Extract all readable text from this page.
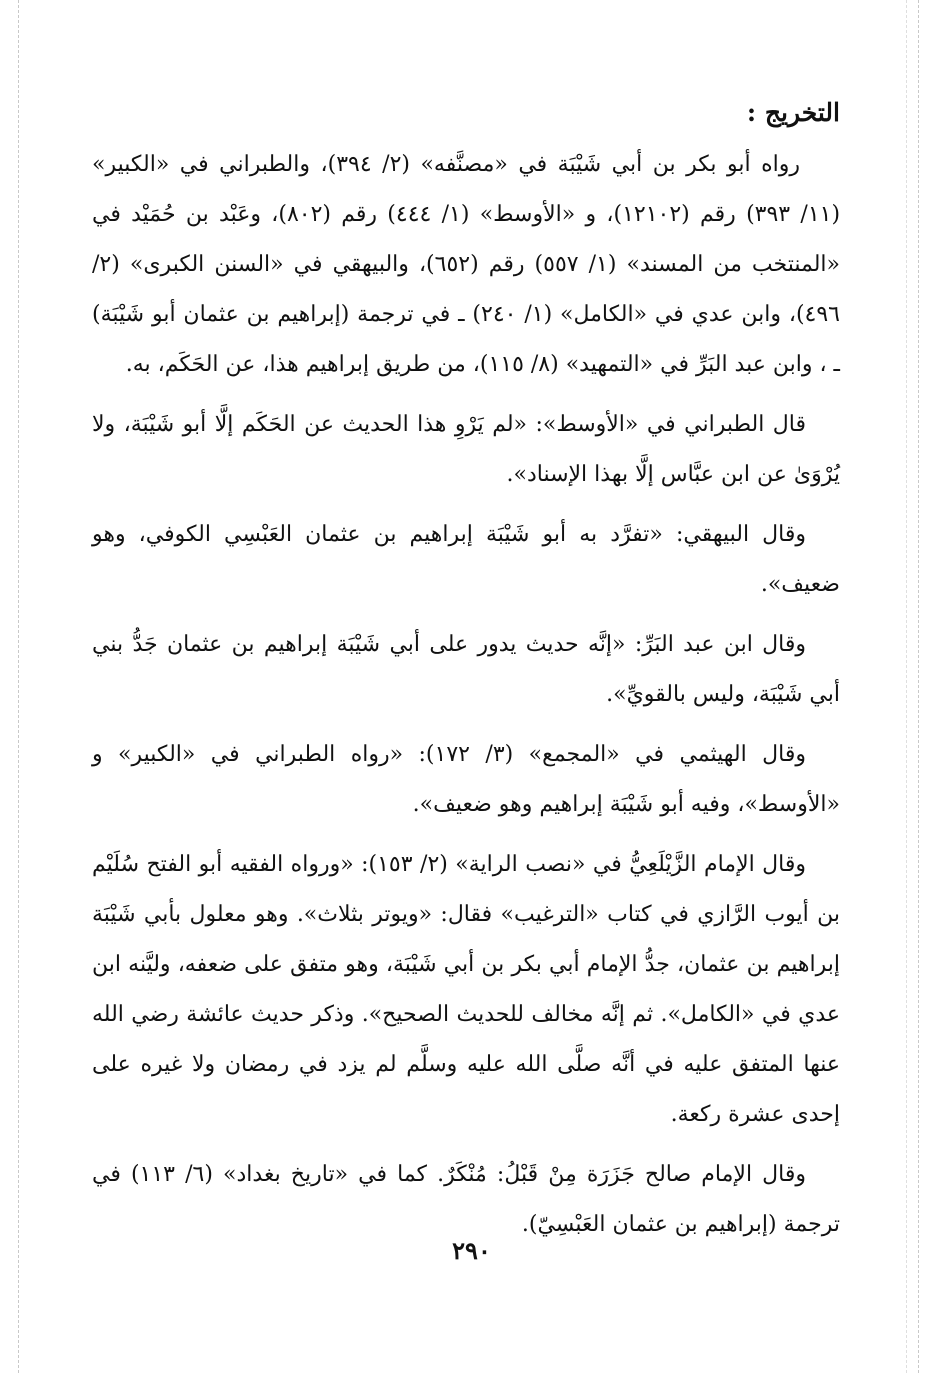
التخريج :

رواه أبو بكر بن أبي شَيْبَة في «مصنَّفه» (٢/ ٣٩٤)، والطبراني في «الكبير» (١١/ ٣٩٣) رقم (١٢١٠٢)، و «الأوسط» (١/ ٤٤٤) رقم (٨٠٢)، وعَبْد بن حُمَيْد في «المنتخب من المسند» (١/ ٥٥٧) رقم (٦٥٢)، والبيهقي في «السنن الكبرى» (٢/ ٤٩٦)، وابن عدي في «الكامل» (١/ ٢٤٠) ـ في ترجمة (إبراهيم بن عثمان أبو شَيْبَة) ـ ، وابن عبد البَرِّ في «التمهيد» (٨/ ١١٥)، من طريق إبراهيم هذا، عن الحَكَم، به.

قال الطبراني في «الأوسط»: «لم يَرْوِ هذا الحديث عن الحَكَم إلَّا أبو شَيْبَة، ولا يُرْوَىٰ عن ابن عبَّاس إلَّا بهذا الإسناد».

وقال البيهقي: «تفرَّد به أبو شَيْبَة إبراهيم بن عثمان العَبْسِي الكوفي، وهو ضعيف».

وقال ابن عبد البَرِّ: «إنَّه حديث يدور على أبي شَيْبَة إبراهيم بن عثمان جَدُّ بني أبي شَيْبَة، وليس بالقويِّ».

وقال الهيثمي في «المجمع» (٣/ ١٧٢): «رواه الطبراني في «الكبير» و «الأوسط»، وفيه أبو شَيْبَة إبراهيم وهو ضعيف».

وقال الإمام الزَّيْلَعِيُّ في «نصب الراية» (٢/ ١٥٣): «ورواه الفقيه أبو الفتح سُلَيْم بن أيوب الرَّازي في كتاب «الترغيب» فقال: «ويوتر بثلاث». وهو معلول بأبي شَيْبَة إبراهيم بن عثمان، جدُّ الإمام أبي بكر بن أبي شَيْبَة، وهو متفق على ضعفه، وليَّنه ابن عدي في «الكامل». ثم إنَّه مخالف للحديث الصحيح». وذكر حديث عائشة رضي الله عنها المتفق عليه في أنَّه صلَّى الله عليه وسلَّم لم يزد في رمضان ولا غيره على إحدى عشرة ركعة.

وقال الإمام صالح جَزَرَة مِنْ قَبْلُ: مُنْكَرٌ. كما في «تاريخ بغداد» (٦/ ١١٣) في ترجمة (إبراهيم بن عثمان العَبْسِيّ).

٢٩٠
